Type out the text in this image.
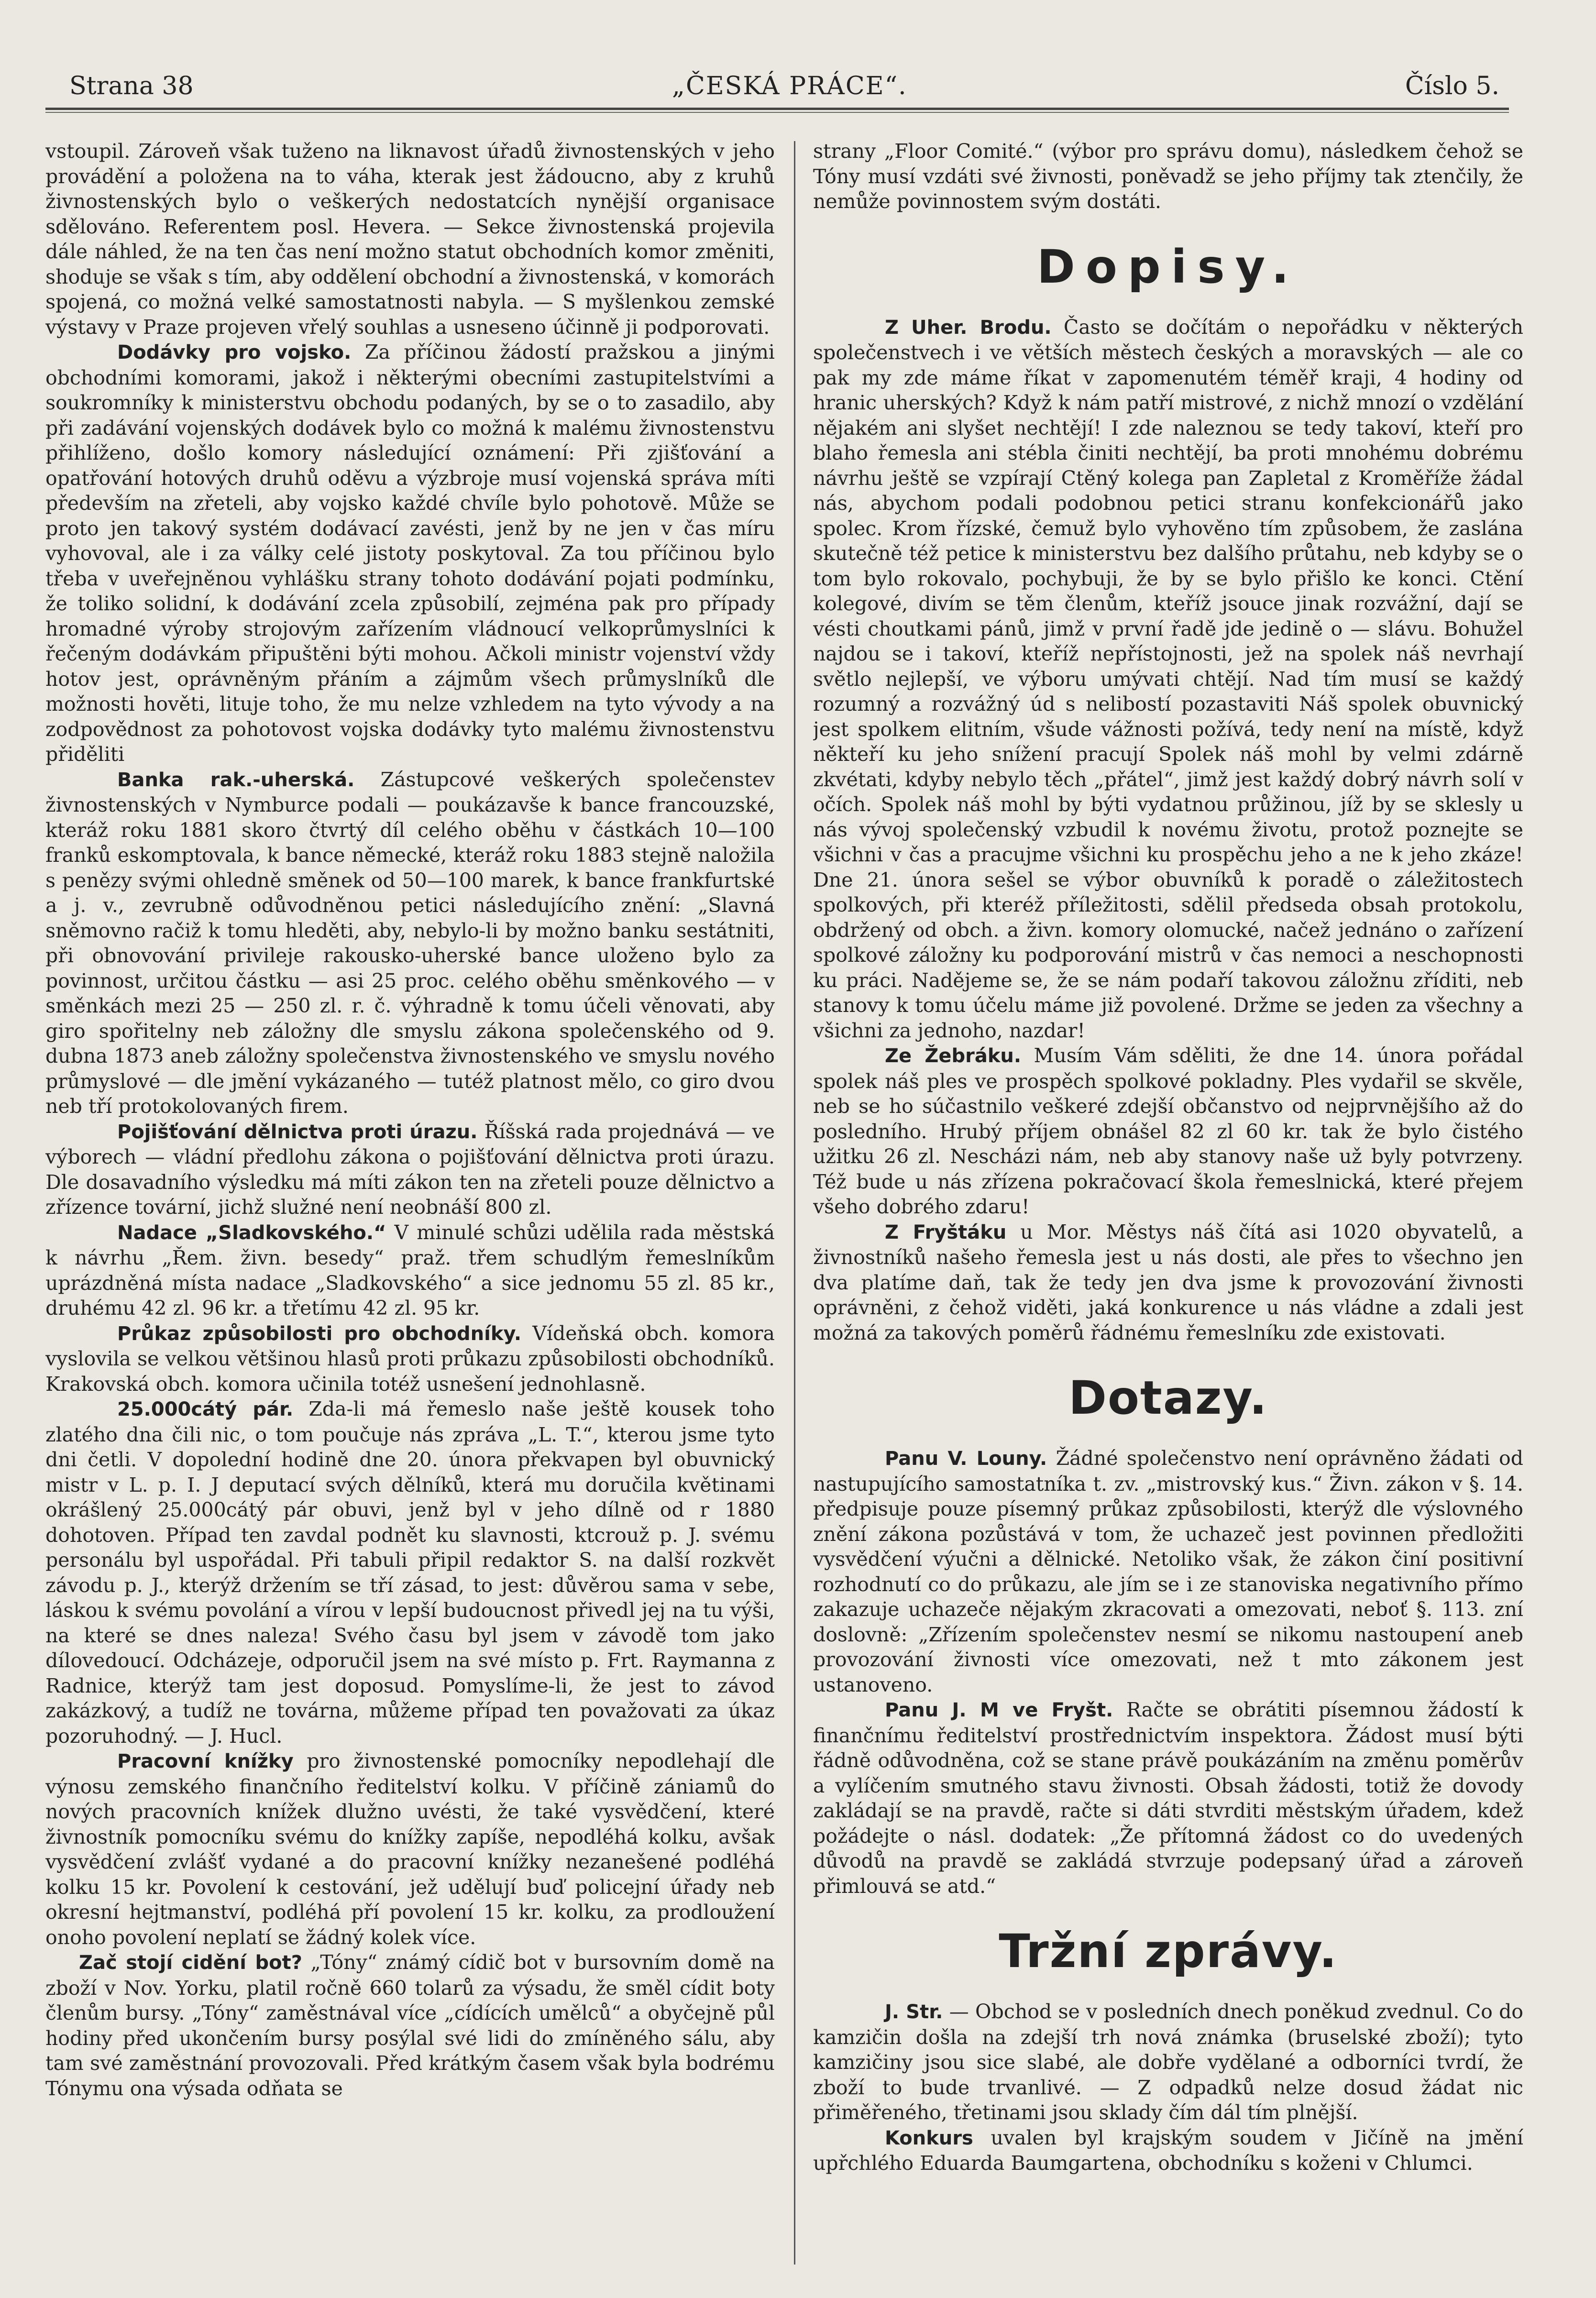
Strana 38	„ČESKÁ PRÁCE“.	Číslo 5.

vstoupil. Zároveň však tuženo na liknavost úřadů živnostenských v jeho provádění a položena na to váha, kterak jest žádoucno, aby z kruhů živnostenských bylo o veškerých nedostatcích nynější organisace sdělováno. Referentem posl. Hevera. — Sekce živnostenská projevila dále náhled, že na ten čas není možno statut obchodních komor změniti, shoduje se však s tím, aby oddělení obchodní a živnostenská, v komorách spojená, co možná velké samostatnosti nabyla. — S myšlenkou zemské výstavy v Praze projeven vřelý souhlas a usneseno účinně ji podporovati.

Dodávky pro vojsko. Za příčinou žádostí pražskou a jinými obchodními komorami, jakož i některými obecními zastupitelstvími a soukromníky k ministerstvu obchodu podaných, by se o to zasadilo, aby při zadávání vojenských dodávek bylo co možná k malému živnostenstvu přihlíženo, došlo komory následující oznámení: Při zjišťování a opatřování hotových druhů oděvu a výzbroje musí vojenská správa míti především na zřeteli, aby vojsko každé chvíle bylo pohotově. Může se proto jen takový systém dodávací zavésti, jenž by ne jen v čas míru vyhovoval, ale i za války celé jistoty poskytoval. Za tou příčinou bylo třeba v uveřejněnou vyhlášku strany tohoto dodávání pojati podmínku, že toliko solidní, k dodávání zcela způsobilí, zejména pak pro případy hromadné výroby strojovým zařízením vládnoucí velkoprůmyslníci k řečeným dodávkám připuštěni býti mohou. Ačkoli ministr vojenství vždy hotov jest, oprávněným přáním a zájmům všech průmyslníků dle možnosti hověti, lituje toho, že mu nelze vzhledem na tyto vývody a na zodpovědnost za pohotovost vojska dodávky tyto malému živnostenstvu přiděliti

Banka rak.-uherská. Zástupcové veškerých společenstev živnostenských v Nymburce podali — poukázavše k bance francouzské, kteráž roku 1881 skoro čtvrtý díl celého oběhu v částkách 10—100 franků eskomptovala, k bance německé, kteráž roku 1883 stejně naložila s penězy svými ohledně směnek od 50—100 marek, k bance frankfurtské a j. v., zevrubně odůvodněnou petici následujícího znění: „Slavná sněmovno račiž k tomu hleděti, aby, nebylo-li by možno banku sestátniti, při obnovování privileje rakousko-uherské bance uloženo bylo za povinnost, určitou částku — asi 25 proc. celého oběhu směnkového — v směnkách mezi 25 — 250 zl. r. č. výhradně k tomu účeli věnovati, aby giro spořitelny neb záložny dle smyslu zákona společenského od 9. dubna 1873 aneb záložny společenstva živnostenského ve smyslu nového průmyslové — dle jmění vykázaného — tutéž platnost mělo, co giro dvou neb tří protokolovaných firem.

Pojišťování dělnictva proti úrazu. Říšská rada projednává — ve výborech — vládní předlohu zákona o pojišťování dělnictva proti úrazu. Dle dosavadního výsledku má míti zákon ten na zřeteli pouze dělnictvo a zřízence tovární, jichž služné není neobnáší 800 zl.

Nadace „Sladkovského.“ V minulé schůzi udělila rada městská k návrhu „Řem. živn. besedy“ praž. třem schudlým řemeslníkům uprázdněná místa nadace „Sladkovského“ a sice jednomu 55 zl. 85 kr., druhému 42 zl. 96 kr. a třetímu 42 zl. 95 kr.

Průkaz způsobilosti pro obchodníky. Vídeňská obch. komora vyslovila se velkou většinou hlasů proti průkazu způsobilosti obchodníků. Krakovská obch. komora učinila totéž usnešení jednohlasně.

25.000cátý pár. Zda-li má řemeslo naše ještě kousek toho zlatého dna čili nic, o tom poučuje nás zpráva „L. T.“, kterou jsme tyto dni četli. V dopolední hodině dne 20. února překvapen byl obuvnický mistr v L. p. I. J deputací svých dělníků, která mu doručila květinami okrášlený 25.000cátý pár obuvi, jenž byl v jeho dílně od r 1880 dohotoven. Případ ten zavdal podnět ku slavnosti, ktcrouž p. J. svému personálu byl uspořádal. Při tabuli připil redaktor S. na další rozkvět závodu p. J., kterýž držením se tří zásad, to jest: důvěrou sama v sebe, láskou k svému povolání a vírou v lepší budoucnost přivedl jej na tu výši, na které se dnes naleza! Svého času byl jsem v závodě tom jako dílovedoucí. Odcházeje, odporučil jsem na své místo p. Frt. Raymanna z Radnice, kterýž tam jest doposud. Pomyslíme-li, že jest to závod zakázkový, a tudíž ne továrna, můžeme případ ten považovati za úkaz pozoruhodný. — J. Hucl.

Pracovní knížky pro živnostenské pomocníky nepodlehají dle výnosu zemského finančního ředitelství kolku. V příčině zániamů do nových pracovních knížek dlužno uvésti, že také vysvědčení, které živnostník pomocníku svému do knížky zapíše, nepodléhá kolku, avšak vysvědčení zvlášť vydané a do pracovní knížky nezanešené podléhá kolku 15 kr. Povolení k cestování, jež udělují buď policejní úřady neb okresní hejtmanství, podléhá pří povolení 15 kr. kolku, za prodloužení onoho povolení neplatí se žádný kolek více.

Zač stojí cidění bot? „Tóny“ známý cídič bot v bursovním domě na zboží v Nov. Yorku, platil ročně 660 tolarů za výsadu, že směl cídit boty členům bursy. „Tóny“ zaměstnával více „cídících umělců“ a obyčejně půl hodiny před ukončením bursy posýlal své lidi do zmíněného sálu, aby tam své zaměstnání provozovali. Před krátkým časem však byla bodrému Tónymu ona výsada odňata se

strany „Floor Comité.“ (výbor pro správu domu), následkem čehož se Tóny musí vzdáti své živnosti, poněvadž se jeho příjmy tak ztenčily, že nemůže povinnostem svým dostáti.

Dopisy.

Z Uher. Brodu. Často se dočítám o nepořádku v některých společenstvech i ve větších městech českých a moravských — ale co pak my zde máme říkat v zapomenutém téměř kraji, 4 hodiny od hranic uherských? Když k nám patří mistrové, z nichž mnozí o vzdělání nějakém ani slyšet nechtějí! I zde naleznou se tedy takoví, kteří pro blaho řemesla ani stébla činiti nechtějí, ba proti mnohému dobrému návrhu ještě se vzpírají Ctěný kolega pan Zapletal z Kroměříže žádal nás, abychom podali podobnou petici stranu konfekcionářů jako spolec. Krom řízské, čemuž bylo vyhověno tím způsobem, že zaslána skutečně též petice k ministerstvu bez dalšího průtahu, neb kdyby se o tom bylo rokovalo, pochybuji, že by se bylo přišlo ke konci. Ctění kolegové, divím se těm členům, kteříž jsouce jinak rozvážní, dají se vésti choutkami pánů, jimž v první řadě jde jedině o — slávu. Bohužel najdou se i takoví, kteříž nepřístojnosti, jež na spolek náš nevrhají světlo nejlepší, ve výboru umývati chtějí. Nad tím musí se každý rozumný a rozvážný úd s nelibostí pozastaviti Náš spolek obuvnický jest spolkem elitním, všude vážnosti požívá, tedy není na místě, když někteří ku jeho snížení pracují Spolek náš mohl by velmi zdárně zkvétati, kdyby nebylo těch „přátel“, jimž jest každý dobrý návrh solí v očích. Spolek náš mohl by býti vydatnou průžinou, jíž by se sklesly u nás vývoj společenský vzbudil k novému životu, protož poznejte se všichni v čas a pracujme všichni ku prospěchu jeho a ne k jeho zkáze! Dne 21. února sešel se výbor obuvníků k poradě o záležitostech spolkových, při kteréž příležitosti, sdělil předseda obsah protokolu, obdržený od obch. a živn. komory olomucké, načež jednáno o zařízení spolkové záložny ku podporování mistrů v čas nemoci a neschopnosti ku práci. Nadějeme se, že se nám podaří takovou záložnu zříditi, neb stanovy k tomu účelu máme již povolené. Držme se jeden za všechny a všichni za jednoho, nazdar!

Ze Žebráku. Musím Vám sděliti, že dne 14. února pořádal spolek náš ples ve prospěch spolkové pokladny. Ples vydařil se skvěle, neb se ho súčastnilo veškeré zdejší občanstvo od nejprvnějšího až do posledního. Hrubý příjem obnášel 82 zl 60 kr. tak že bylo čistého užitku 26 zl. Nescházi nám, neb aby stanovy naše už byly potvrzeny. Též bude u nás zřízena pokračovací škola řemeslnická, které přejem všeho dobrého zdaru!

Z Fryštáku u Mor. Městys náš čítá asi 1020 obyvatelů, a živnostníků našeho řemesla jest u nás dosti, ale přes to všechno jen dva platíme daň, tak že tedy jen dva jsme k provozování živnosti oprávněni, z čehož viděti, jaká konkurence u nás vládne a zdali jest možná za takových poměrů řádnému řemeslníku zde existovati.

Dotazy.

Panu V. Louny. Žádné společenstvo není oprávněno žádati od nastupujícího samostatníka t. zv. „mistrovský kus.“ Živn. zákon v §. 14. předpisuje pouze písemný průkaz způsobilosti, kterýž dle výslovného znění zákona pozůstává v tom, že uchazeč jest povinnen předložiti vysvědčení výučni a dělnické. Netoliko však, že zákon činí positivní rozhodnutí co do průkazu, ale jím se i ze stanoviska negativního přímo zakazuje uchazeče nějakým zkracovati a omezovati, neboť §. 113. zní doslovně: „Zřízením společenstev nesmí se nikomu nastoupení aneb provozování živnosti více omezovati, než t mto zákonem jest ustanoveno.

Panu J. M ve Fryšt. Račte se obrátiti písemnou žádostí k finančnímu ředitelství prostřednictvím inspektora. Žádost musí býti řádně odůvodněna, což se stane právě poukázáním na změnu poměrův a vylíčením smutného stavu živnosti. Obsah žádosti, totiž že dovody zakládají se na pravdě, račte si dáti stvrditi městským úřadem, kdež požádejte o násl. dodatek: „Že přítomná žádost co do uvedených důvodů na pravdě se zakládá stvrzuje podepsaný úřad a zároveň přimlouvá se atd.“

Tržní zprávy.

J. Str. — Obchod se v posledních dnech poněkud zvednul. Co do kamzičin došla na zdejší trh nová známka (bruselské zboží); tyto kamzičiny jsou sice slabé, ale dobře vydělané a odborníci tvrdí, že zboží to bude trvanlivé. — Z odpadků nelze dosud žádat nic přiměřeného, třetinami jsou sklady čím dál tím plnější.

Konkurs uvalen byl krajským soudem v Jičíně na jmění upřchlého Eduarda Baumgartena, obchodníku s koženi v Chlumci.
